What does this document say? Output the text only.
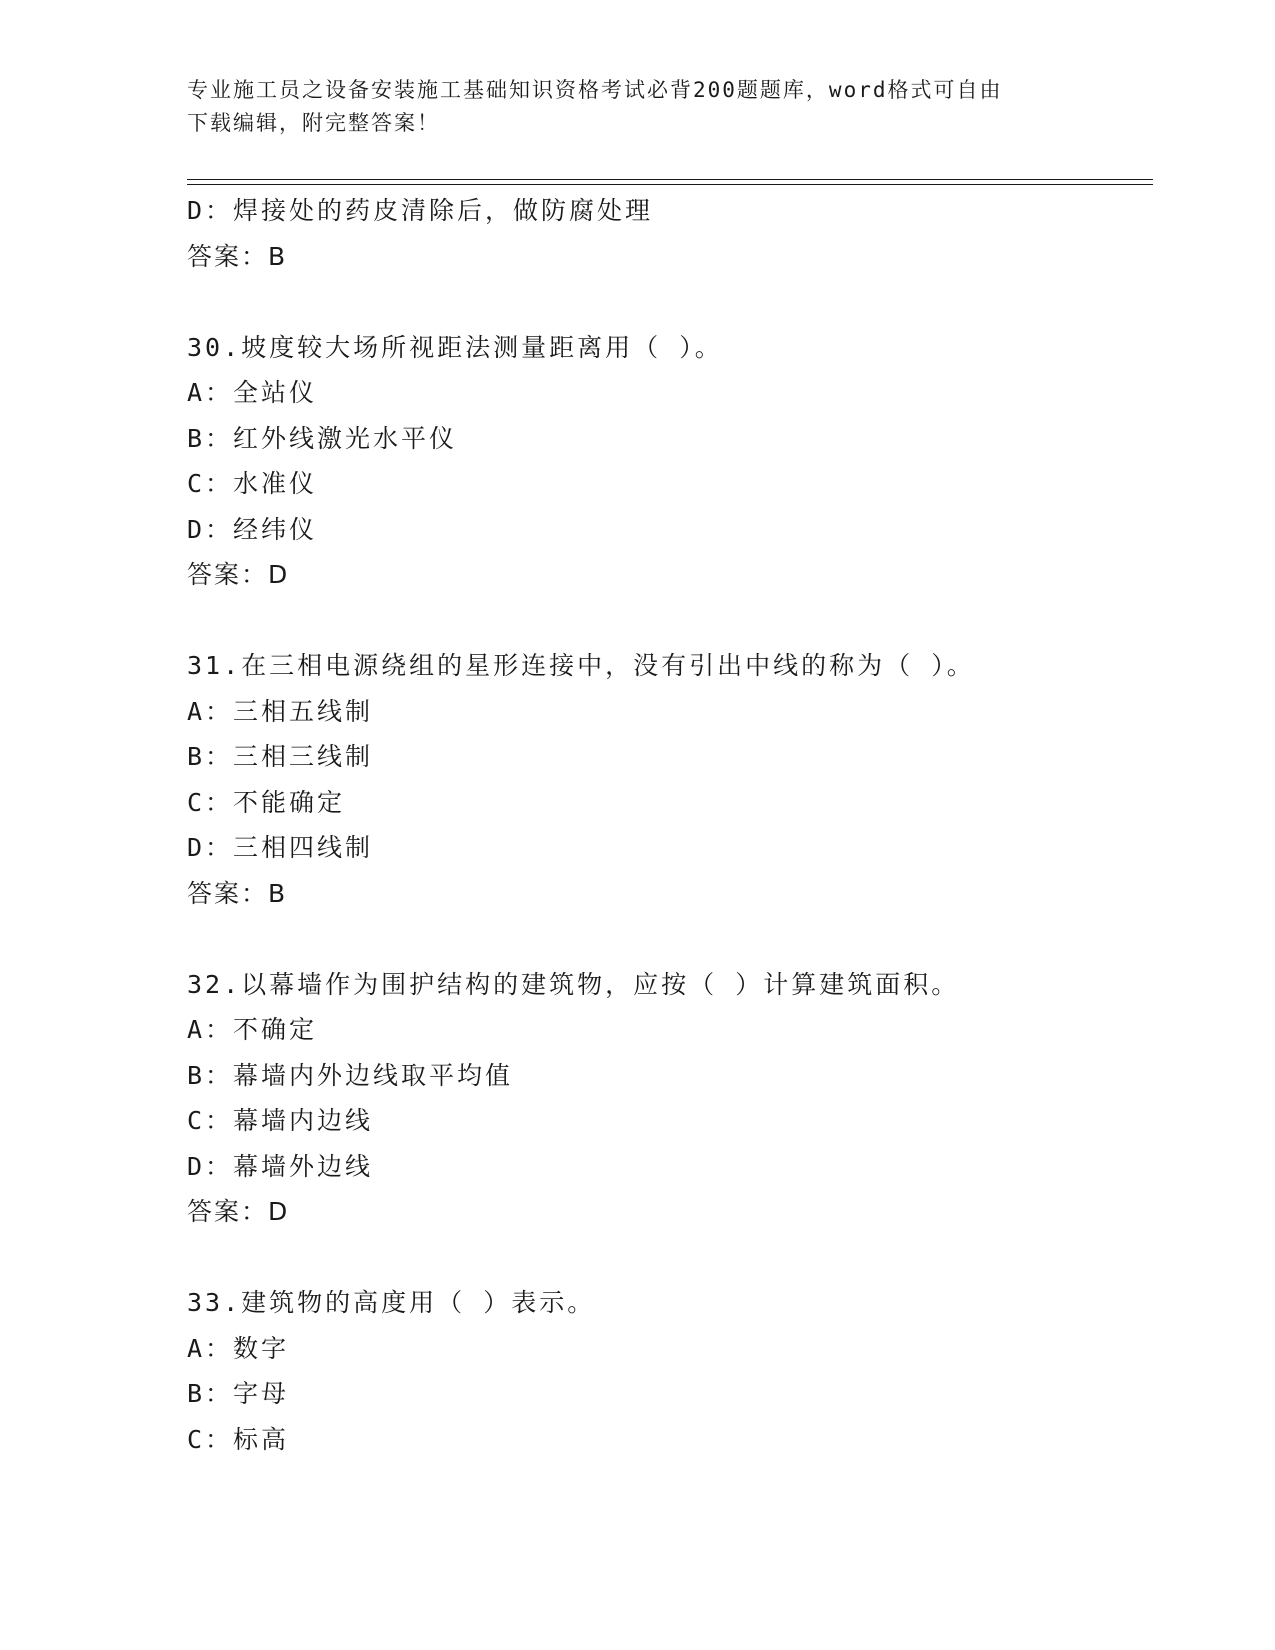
专业施工员之设备安装施工基础知识资格考试必背200题题库，word格式可自由
下载编辑，附完整答案！
D：焊接处的药皮清除后，做防腐处理
答案：B
30.坡度较大场所视距法测量距离用（ ）。
A：全站仪
B：红外线激光水平仪
C：水准仪
D：经纬仪
答案：D
31.在三相电源绕组的星形连接中，没有引出中线的称为（ ）。
A：三相五线制
B：三相三线制
C：不能确定
D：三相四线制
答案：B
32.以幕墙作为围护结构的建筑物，应按（ ）计算建筑面积。
A：不确定
B：幕墙内外边线取平均值
C：幕墙内边线
D：幕墙外边线
答案：D
33.建筑物的高度用（ ）表示。
A：数字
B：字母
C：标高
